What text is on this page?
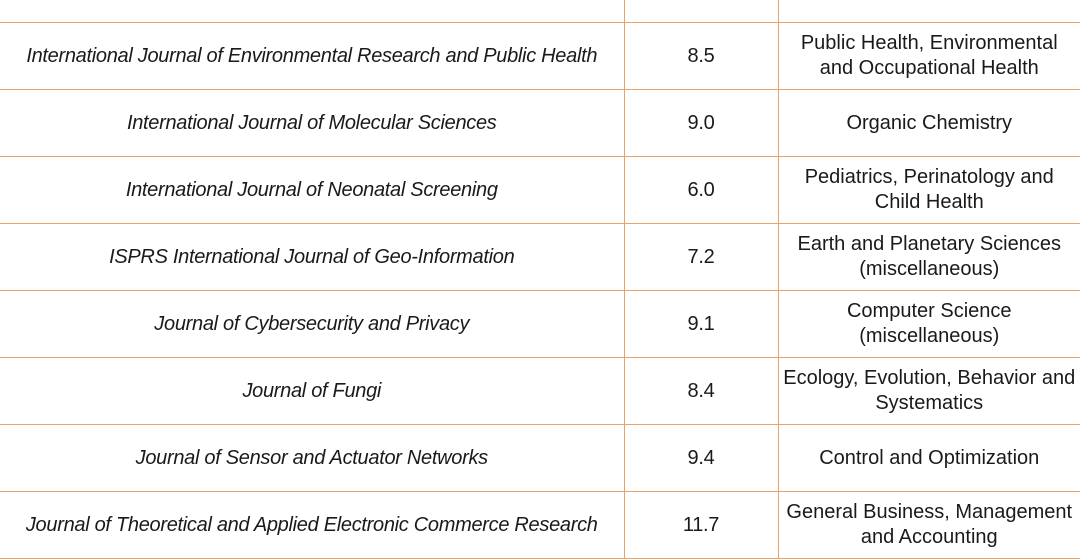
International Journal of Environmental Research and Public Health	8.5	Public Health, Environmental and Occupational Health
International Journal of Molecular Sciences	9.0	Organic Chemistry
International Journal of Neonatal Screening	6.0	Pediatrics, Perinatology and Child Health
ISPRS International Journal of Geo-Information	7.2	Earth and Planetary Sciences (miscellaneous)
Journal of Cybersecurity and Privacy	9.1	Computer Science (miscellaneous)
Journal of Fungi	8.4	Ecology, Evolution, Behavior and Systematics
Journal of Sensor and Actuator Networks	9.4	Control and Optimization
Journal of Theoretical and Applied Electronic Commerce Research	11.7	General Business, Management and Accounting
